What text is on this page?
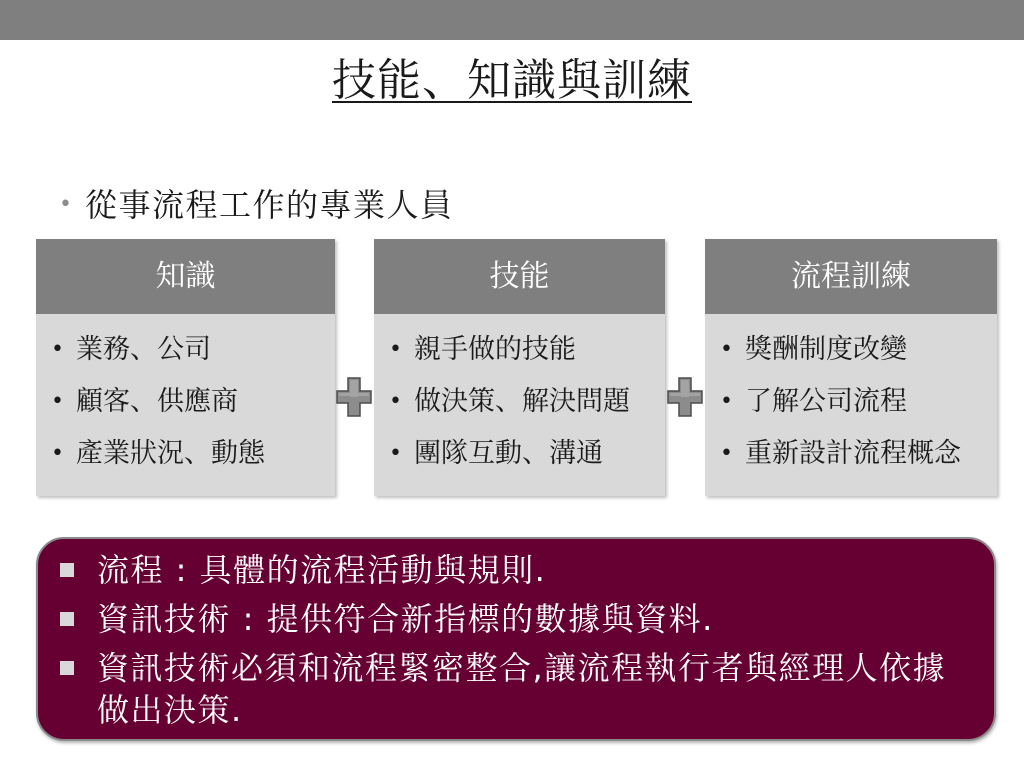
技能、知識與訓練
• 從事流程工作的專業人員
知識
• 業務、公司
• 顧客、供應商
• 產業狀況、動態
技能
• 親手做的技能
• 做決策、解決問題
• 團隊互動、溝通
流程訓練
• 獎酬制度改變
• 了解公司流程
• 重新設計流程概念
流程 : 具體的流程活動與規則.
資訊技術 : 提供符合新指標的數據與資料.
資訊技術必須和流程緊密整合,讓流程執行者與經理人依據
做出決策.
